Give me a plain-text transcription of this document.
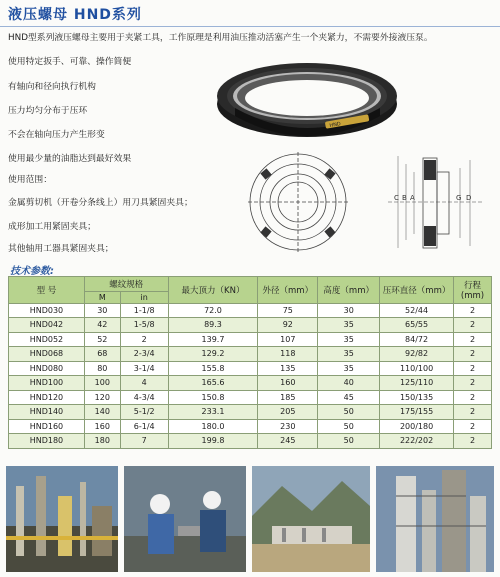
液压螺母 HND系列
HND型系列液压螺母主要用于夹紧工具，工作原理是利用油压推动活塞产生一个夹紧力，不需要外接液压泵。
使用特定扳手、可靠、操作简便
有轴向和径向执行机构
压力均匀分布于压环
不会在轴向压力产生形变
使用最少量的油脂达到最好效果
使用范围：
金属剪切机（开卷分条线上）用刀具紧固夹具；
成形加工用紧固夹具；
其他轴用工器具紧固夹具；
HND
C B A	G D
技术参数:
型 号	螺纹规格		最大顶力（KN）	外径（mm）	高度（mm）	压环直径（mm）	行程(mm)
	M	in					
HND030	30	1-1/8	72.0	75	30	52/44	2
HND042	42	1-5/8	89.3	92	35	65/55	2
HND052	52	2	139.7	107	35	84/72	2
HND068	68	2-3/4	129.2	118	35	92/82	2
HND080	80	3-1/4	155.8	135	35	110/100	2
HND100	100	4	165.6	160	40	125/110	2
HND120	120	4-3/4	150.8	185	45	150/135	2
HND140	140	5-1/2	233.1	205	50	175/155	2
HND160	160	6-1/4	180.0	230	50	200/180	2
HND180	180	7	199.8	245	50	222/202	2
